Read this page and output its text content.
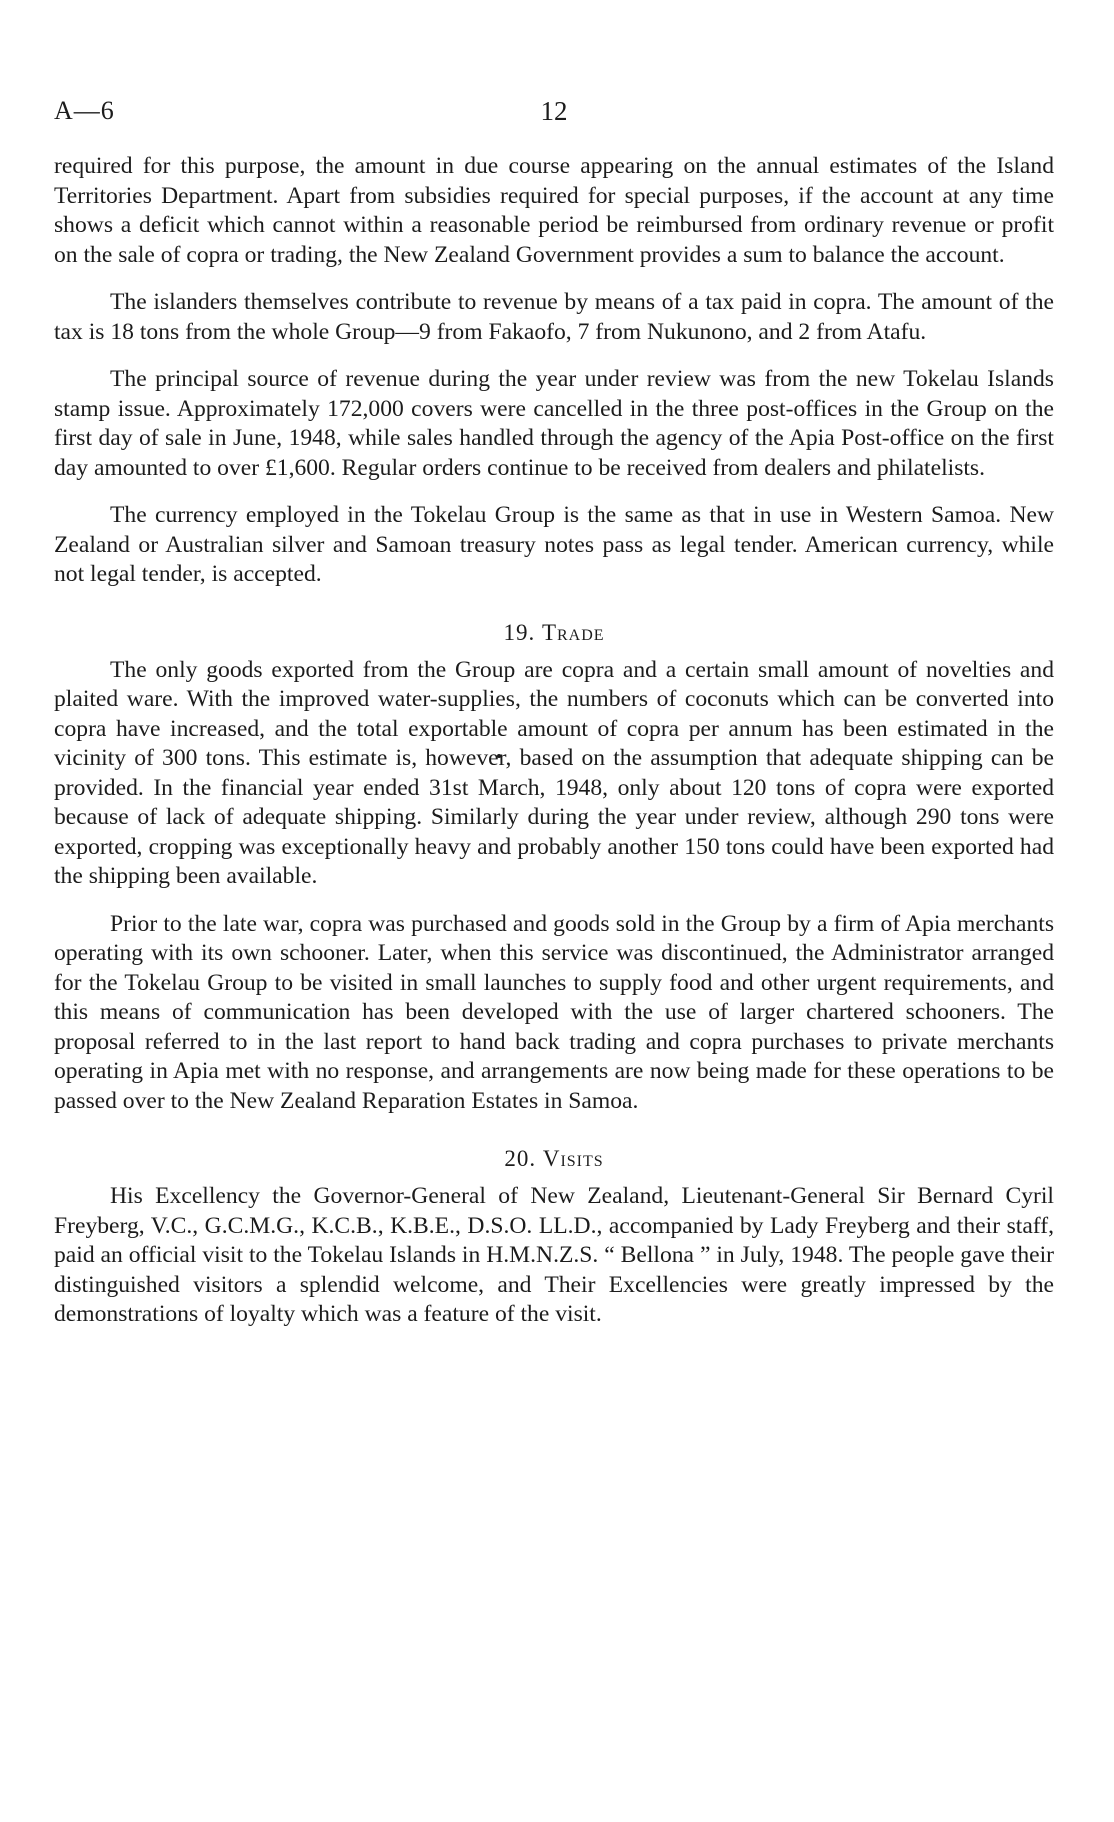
A—6	12

required for this purpose, the amount in due course appearing on the annual estimates of the Island Territories Department. Apart from subsidies required for special purposes, if the account at any time shows a deficit which cannot within a reasonable period be reimbursed from ordinary revenue or profit on the sale of copra or trading, the New Zealand Government provides a sum to balance the account.

The islanders themselves contribute to revenue by means of a tax paid in copra. The amount of the tax is 18 tons from the whole Group—9 from Fakaofo, 7 from Nukunono, and 2 from Atafu.

The principal source of revenue during the year under review was from the new Tokelau Islands stamp issue. Approximately 172,000 covers were cancelled in the three post-offices in the Group on the first day of sale in June, 1948, while sales handled through the agency of the Apia Post-office on the first day amounted to over £1,600. Regular orders continue to be received from dealers and philatelists.

The currency employed in the Tokelau Group is the same as that in use in Western Samoa. New Zealand or Australian silver and Samoan treasury notes pass as legal tender. American currency, while not legal tender, is accepted.

19. Trade

The only goods exported from the Group are copra and a certain small amount of novelties and plaited ware. With the improved water-supplies, the numbers of coconuts which can be converted into copra have increased, and the total exportable amount of copra per annum has been estimated in the vicinity of 300 tons. This estimate is, however, based on the assumption that adequate shipping can be provided. In the financial year ended 31st March, 1948, only about 120 tons of copra were exported because of lack of adequate shipping. Similarly during the year under review, although 290 tons were exported, cropping was exceptionally heavy and probably another 150 tons could have been exported had the shipping been available.

Prior to the late war, copra was purchased and goods sold in the Group by a firm of Apia merchants operating with its own schooner. Later, when this service was discontinued, the Administrator arranged for the Tokelau Group to be visited in small launches to supply food and other urgent requirements, and this means of communication has been developed with the use of larger chartered schooners. The proposal referred to in the last report to hand back trading and copra purchases to private merchants operating in Apia met with no response, and arrangements are now being made for these operations to be passed over to the New Zealand Reparation Estates in Samoa.

20. Visits

His Excellency the Governor-General of New Zealand, Lieutenant-General Sir Bernard Cyril Freyberg, V.C., G.C.M.G., K.C.B., K.B.E., D.S.O. LL.D., accompanied by Lady Freyberg and their staff, paid an official visit to the Tokelau Islands in H.M.N.Z.S. “ Bellona ” in July, 1948. The people gave their distinguished visitors a splendid welcome, and Their Excellencies were greatly impressed by the demonstrations of loyalty which was a feature of the visit.
